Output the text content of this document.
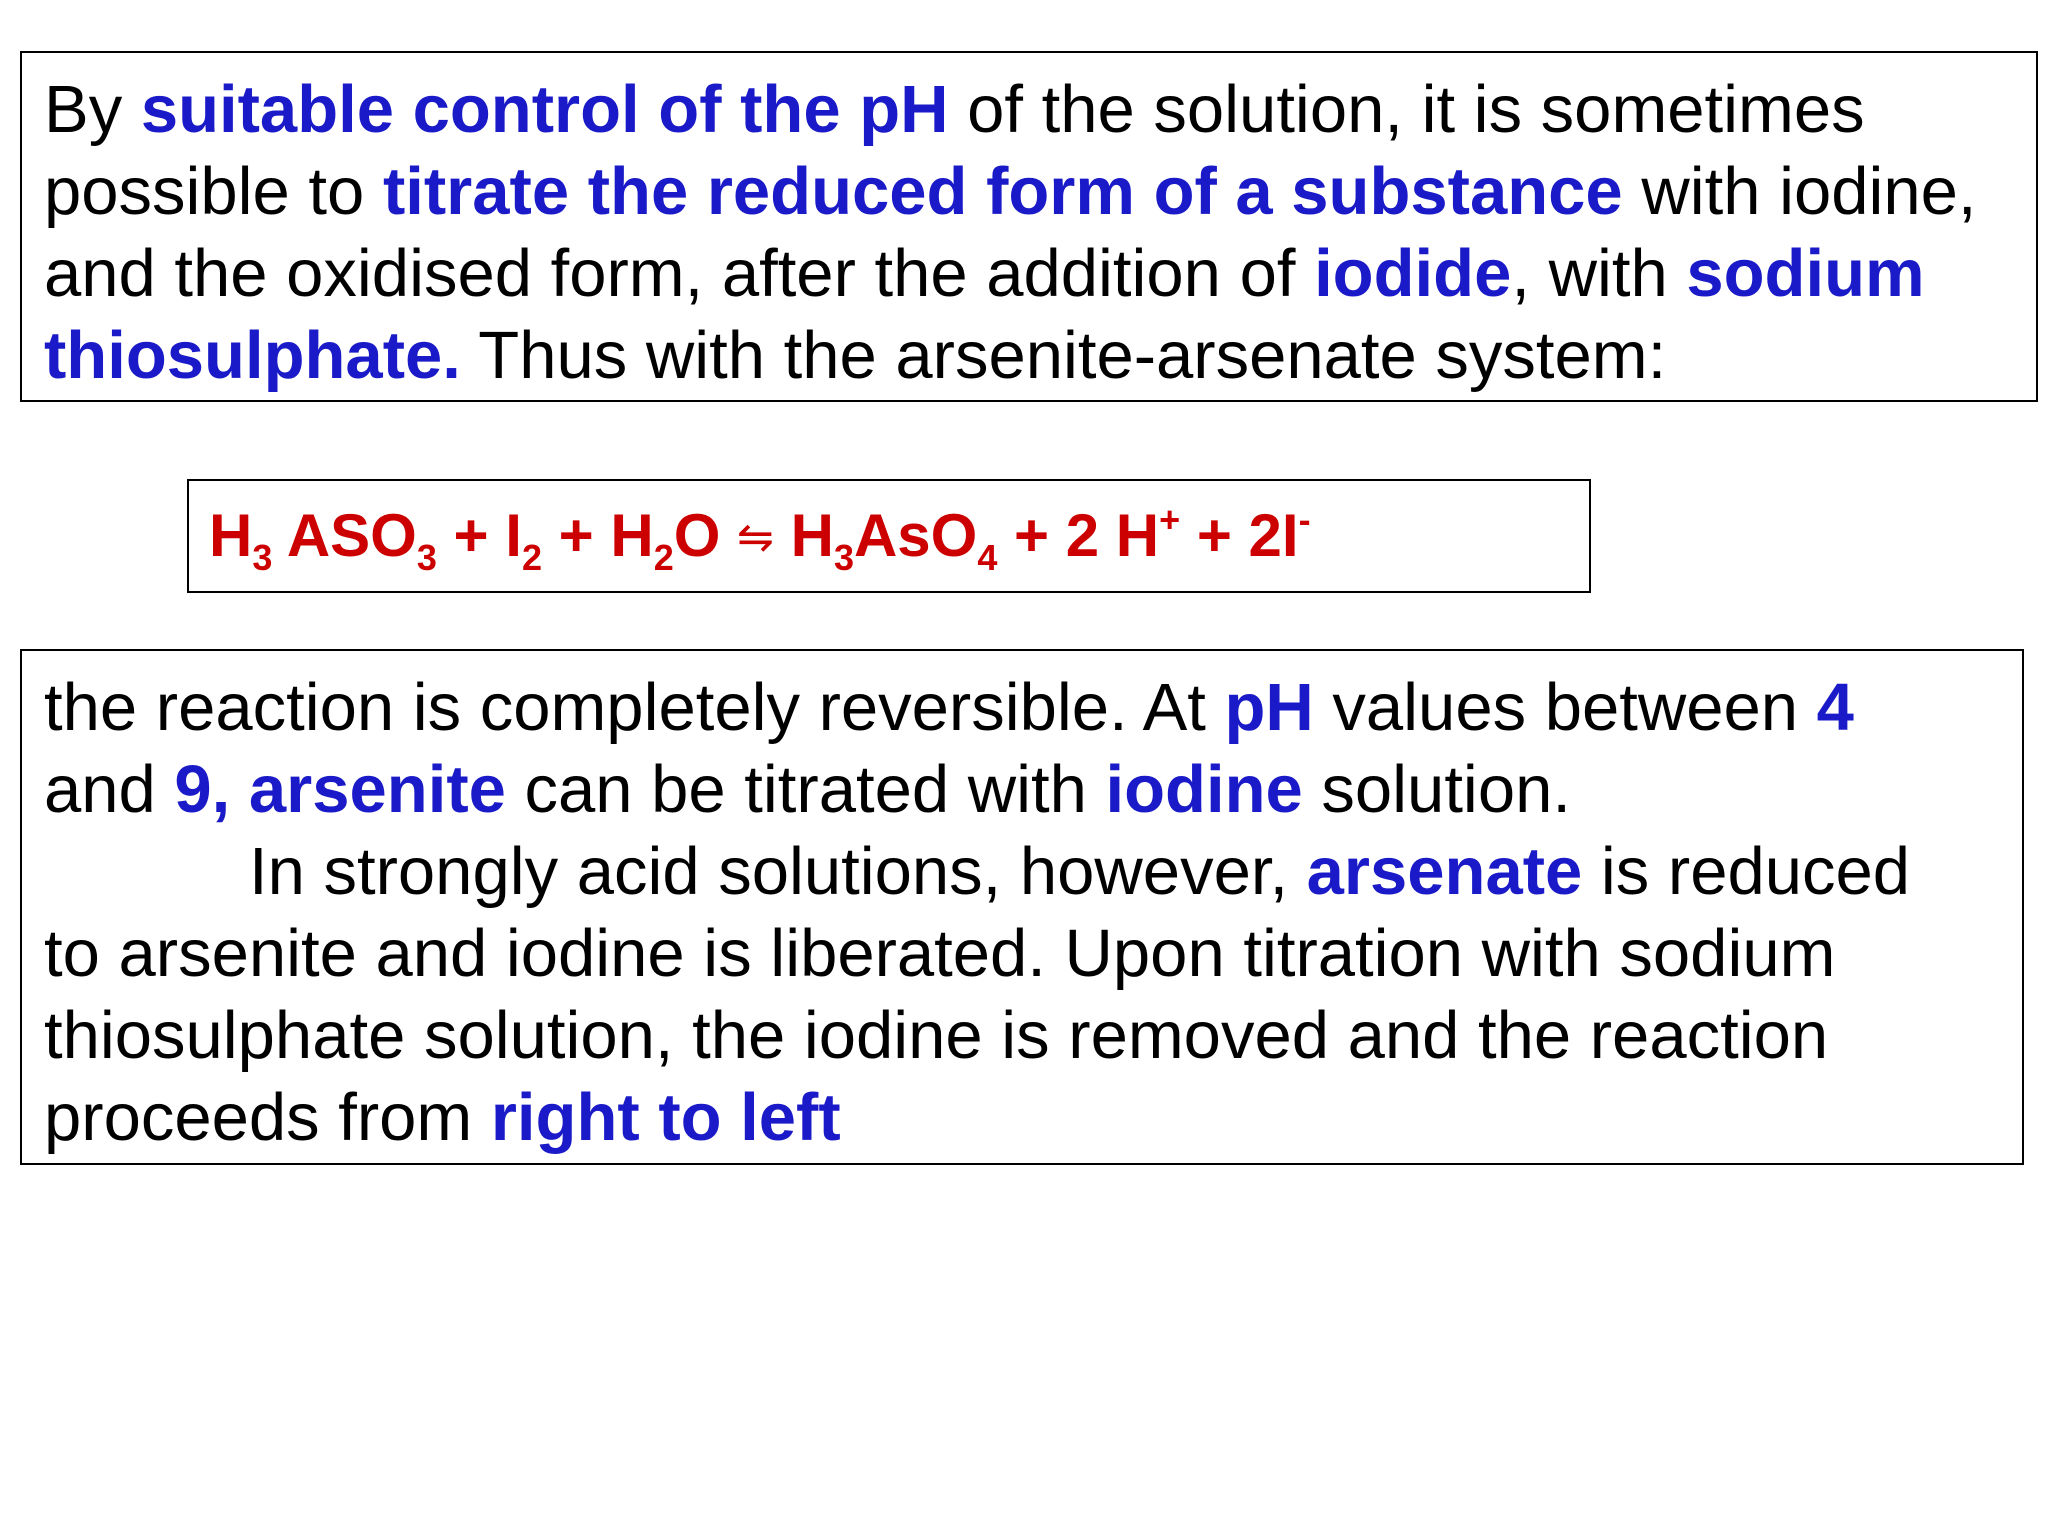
By suitable control of the pH of the solution, it is sometimes
possible to titrate the reduced form of a substance with iodine,
and the oxidised form, after the addition of iodide, with sodium
thiosulphate. Thus with the arsenite-arsenate system:

$H_3$ $ASO_3 + I_2 + H_2O$ ⇋ $H_3AsO_4 + 2$ H+ + 2I-

the reaction is completely reversible. At pH values between 4
and 9, arsenite can be titrated with iodine solution.
In strongly acid solutions, however, arsenate is reduced
to arsenite and iodine is liberated. Upon titration with sodium
thiosulphate solution, the iodine is removed and the reaction
proceeds from right to left
